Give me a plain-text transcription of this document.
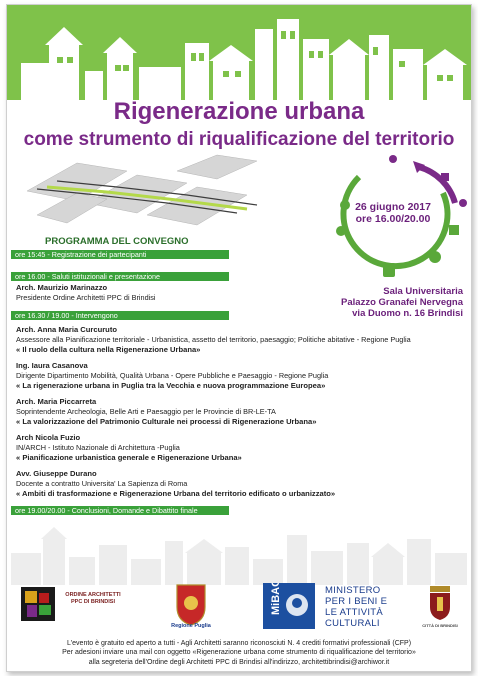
Rigenerazione urbana
come strumento di riqualificazione del territorio
26 giugno 2017
ore 16.00/20.00
Sala Universitaria
Palazzo Granafei Nervegna
via Duomo n. 16 Brindisi
PROGRAMMA DEL CONVEGNO
ore 15:45 - Registrazione dei partecipanti
ore 16.00 - Saluti istituzionali e presentazione
Arch. Maurizio Marinazzo
Presidente Ordine Architetti PPC di Brindisi
ore 16.30 / 19.00 - Intervengono
Arch. Anna Maria Curcuruto
Assessore alla Pianificazione territoriale - Urbanistica, assetto del territorio, paesaggio; Politiche abitative - Regione Puglia
« Il ruolo della cultura nella Rigenerazione Urbana»
Ing. Iaura Casanova
Dirigente Dipartimento Mobilità, Qualità Urbana - Opere Pubbliche e Paesaggio - Regione Puglia
« La rigenerazione urbana in Puglia tra la Vecchia e nuova programmazione Europea»
Arch. Maria Piccarreta
Soprintendente Archeologia, Belle Arti e Paesaggio per le Provincie di BR-LE-TA
« La valorizzazione del Patrimonio Culturale nei processi di Rigenerazione Urbana»
Arch Nicola Fuzio
IN/ARCH - Istituto Nazionale di Architettura -Puglia
« Pianificazione urbanistica generale e Rigenerazione Urbana»
Avv. Giuseppe Durano
Docente a contratto Universita' La Sapienza di Roma
« Ambiti di trasformazione e Rigenerazione Urbana del territorio edificato o urbanizzato»
ore 19.00/20.00 - Conclusioni, Domande e Dibattito finale
ORDINE ARCHITETTI
PPC DI BRINDISI
Regione Puglia
MiBAC	MINISTERO
PER I BENI E
LE ATTIVITÀ
CULTURALI	CITTÀ DI BRINDISI
L'evento è gratuito ed aperto a tutti - Agli Architetti saranno riconosciuti N. 4 crediti formativi professionali (CFP)
Per adesioni inviare una mail con oggetto «Rigenerazione urbana come strumento di riqualificazione del territorio»
alla segreteria dell'Ordine degli Architetti PPC di Brindisi all'indirizzo, architettibrindisi@archiwor.it
